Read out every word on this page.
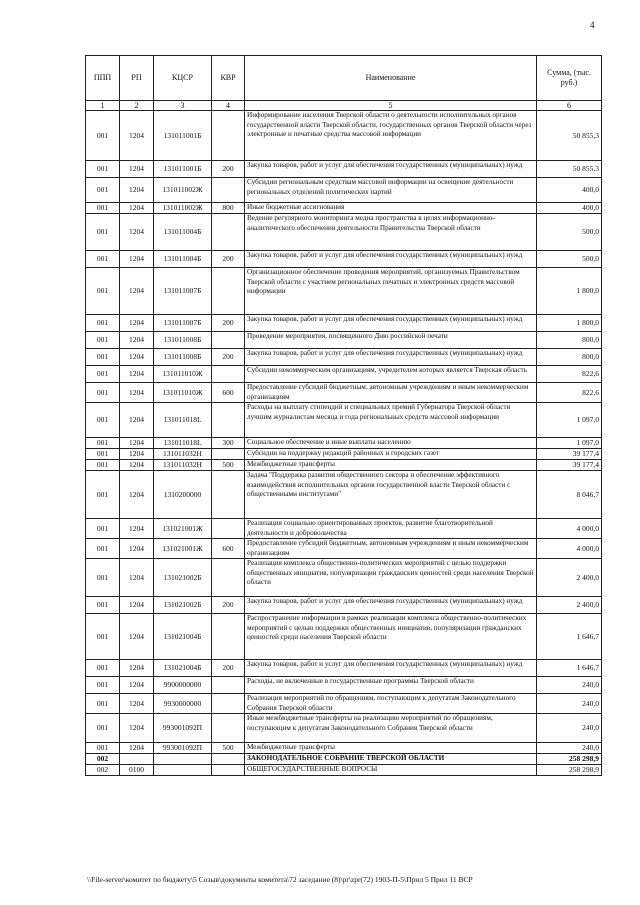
4
ППП	РП	КЦСР	КВР	Наименование	Сумма, (тыс. руб.)
1	2	3	4	5	6
001	1204	131011001Б		Информирование населения Тверской области о деятельности исполнительных органов государственной власти Тверской области, государственных органов Тверской области через электронные и печатные средства массовой информации	50 855,3
001	1204	131011001Б	200	Закупка товаров, работ и услуг для обеспечения государственных (муниципальных) нужд	50 855,3
001	1204	131011002Ж		Субсидии региональным средствам массовой информации на освещение деятельности региональных отделений политических партий	400,0
001	1204	131011002Ж	800	Иные бюджетные ассигнования	400,0
001	1204	131011004Б		Ведение регулярного мониторинга медиа пространства в целях информационно-аналитического обеспечения деятельности Правительства Тверской области	500,0
001	1204	131011004Б	200	Закупка товаров, работ и услуг для обеспечения государственных (муниципальных) нужд	500,0
001	1204	131011007Б		Организационное обеспечение проведения мероприятий, организуемых Правительством Тверской области с участием региональных печатных и электронных средств массовой информации	1 800,0
001	1204	131011007Б	200	Закупка товаров, работ и услуг для обеспечения государственных (муниципальных) нужд	1 800,0
001	1204	131011008Б		Проведение мероприятия, посвященного Дню российской печати	800,0
001	1204	131011008Б	200	Закупка товаров, работ и услуг для обеспечения государственных (муниципальных) нужд	800,0
001	1204	131011010Ж		Субсидии некоммерческим организациям, учредителем которых является Тверская область	822,6
001	1204	131011010Ж	600	Предоставление субсидий бюджетным, автономным учреждениям и иным некоммерческим организациям	822,6
001	1204	131011018L		Расходы на выплату стипендий и специальных премий Губернатора Тверской области лучшим журналистам месяца и года региональных средств массовой информации	1 097,0
001	1204	131011018L	300	Социальное обеспечение и иные выплаты населению	1 097,0
001	1204	131011032Н		Субсидии на поддержку редакций районных и городских газет	39 177,4
001	1204	131011032Н	500	Межбюджетные трансферты	39 177,4
001	1204	1310200000		Задача "Поддержка развития общественного сектора и обеспечение эффективного взаимодействия исполнительных органов государственной власти Тверской области с общественными институтами"	8 046,7
001	1204	131021001Ж		Реализация социально ориентированных проектов, развитие благотворительной деятельности и добровольчества	4 000,0
001	1204	131021001Ж	600	Предоставление субсидий бюджетным, автономным учреждениям и иным некоммерческим организациям	4 000,0
001	1204	131021002Б		Реализация комплекса общественно-политических мероприятий с целью поддержки общественных инициатив, популяризации гражданских ценностей среди населения Тверской области	2 400,0
001	1204	131021002Б	200	Закупка товаров, работ и услуг для обеспечения государственных (муниципальных) нужд	2 400,0
001	1204	131021004Б		Распространение информации в рамках реализации комплекса общественно-политических мероприятий с целью поддержки общественных инициатив, популяризации гражданских ценностей среди населения Тверской области	1 646,7
001	1204	131021004Б	200	Закупка товаров, работ и услуг для обеспечения государственных (муниципальных) нужд	1 646,7
001	1204	9900000000		Расходы, не включенные в государственные программы Тверской области	240,0
001	1204	9930000000		Реализация мероприятий по обращениям, поступающим к депутатам Законодательного Собрания Тверской области	240,0
001	1204	993001092П		Иные межбюджетные трансферты на реализацию мероприятий по обращениям, поступающим к депутатам Законодательного Собрания Тверской области	240,0
001	1204	993001092П	500	Межбюджетные трансферты	240,0
002				ЗАКОНОДАТЕЛЬНОЕ СОБРАНИЕ ТВЕРСКОЙ ОБЛАСТИ	258 298,9
002	0100			ОБЩЕГОСУДАРСТВЕННЫЕ ВОПРОСЫ	258 298,9
\\File-server\комитет по бюджету\5 Созыв\документы комитета\72 заседание (8)\pr\zpr(72) 1903-П-5\Прил 5 Прил 11 ВСР
